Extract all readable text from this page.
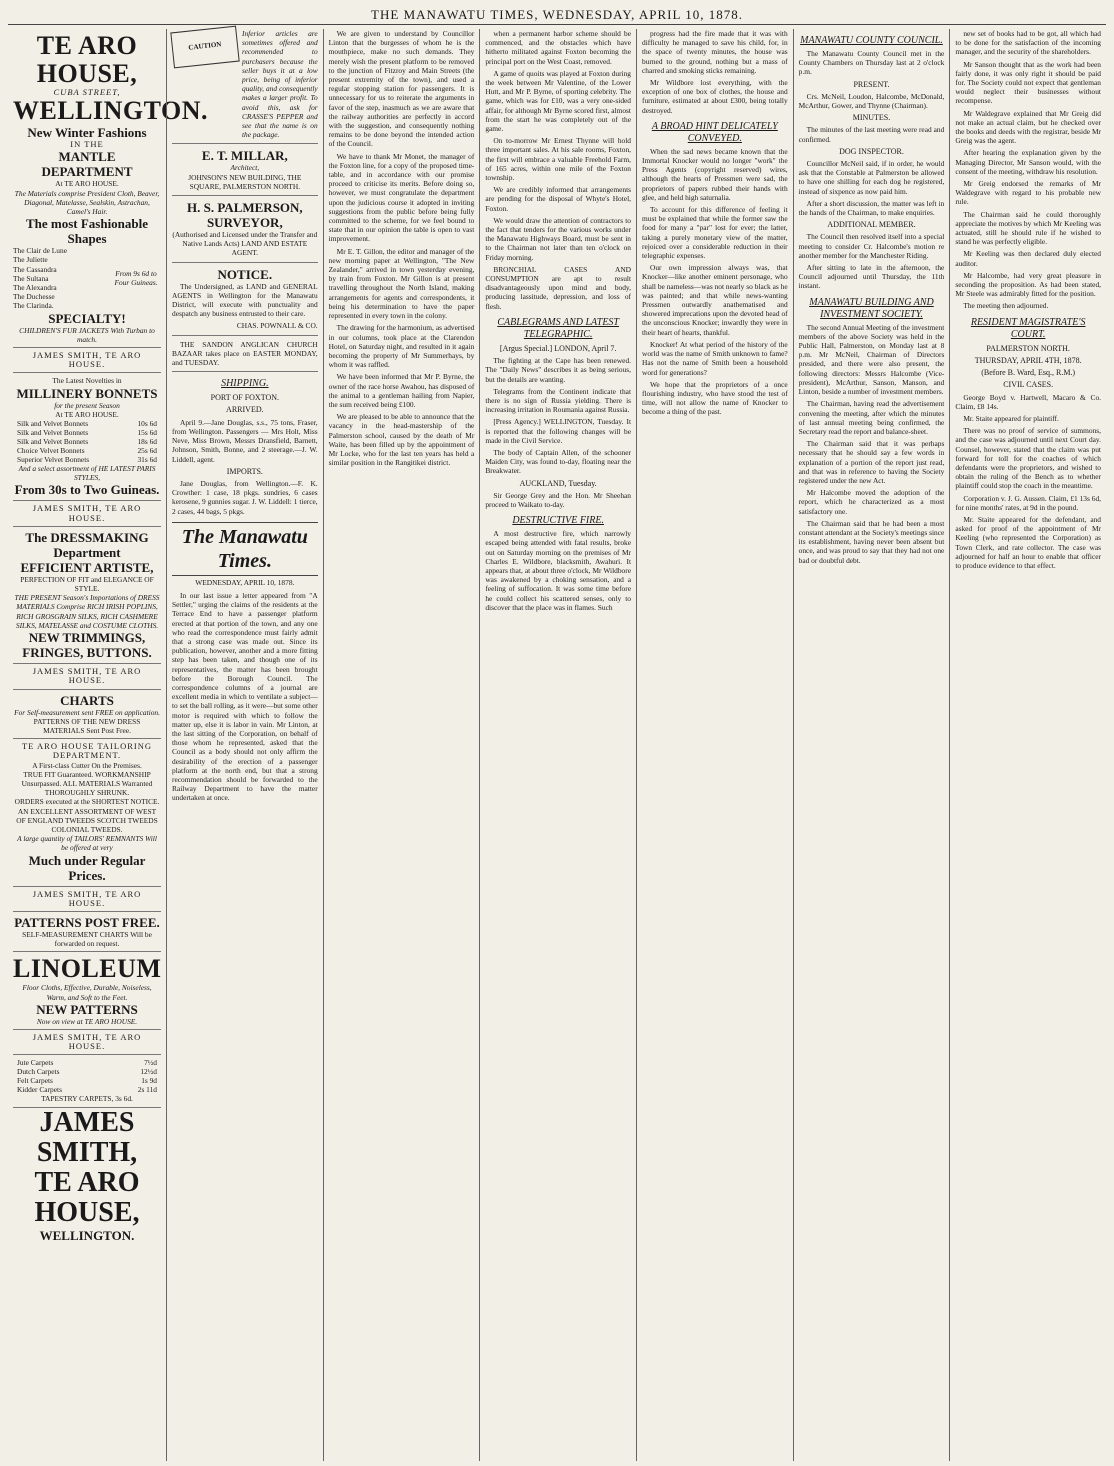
THE MANAWATU TIMES, WEDNESDAY, APRIL 10, 1878.
TE ARO HOUSE,
CUBA STREET,
WELLINGTON.
New Winter Fashions
IN THE
MANTLE DEPARTMENT
At TE ARO HOUSE.
The Materials comprise President Cloth, Beaver, Diagonal, Matelasse, Sealskin, Astrachan, Camel's Hair.
The most Fashionable Shapes
The Clair de Lune
The Juliette
The Cassandra
The Sultana
The Alexandra
The Duchesse
The Clarinda.
From 9s 6d to Four Guineas.
SPECIALTY!
CHILDREN'S FUR JACKETS With Turban to match.
JAMES SMITH, TE ARO HOUSE.
The Latest Novelties in
MILLINERY BONNETS
for the present Season
At TE ARO HOUSE.
Silk and Velvet Bonnets	10s 6d
Silk and Velvet Bonnets	15s 6d
Silk and Velvet Bonnets	18s 6d
Choice Velvet Bonnets	25s 6d
Superior Velvet Bonnets	31s 6d
And a select assortment of HE LATEST PARIS STYLES,
From 30s to Two Guineas.
JAMES SMITH, TE ARO HOUSE.
The DRESSMAKING Department
EFFICIENT ARTISTE,
PERFECTION OF FIT and ELEGANCE OF STYLE.
THE PRESENT Season's Importations of DRESS MATERIALS Comprise RICH IRISH POPLINS, RICH GROSGRAIN SILKS, RICH CASHMERE SILKS, MATELASSE and COSTUME CLOTHS.
NEW TRIMMINGS, FRINGES, BUTTONS.
JAMES SMITH, TE ARO HOUSE.
CHARTS
For Self-measurement sent FREE on application.
PATTERNS OF THE NEW DRESS MATERIALS Sent Post Free.
TE ARO HOUSE TAILORING DEPARTMENT.
A First-class Cutter On the Premises.
TRUE FIT Guaranteed. WORKMANSHIP Unsurpassed. ALL MATERIALS Warranted THOROUGHLY SHRUNK.
ORDERS executed at the SHORTEST NOTICE.
AN EXCELLENT ASSORTMENT OF WEST OF ENGLAND TWEEDS SCOTCH TWEEDS COLONIAL TWEEDS.
A large quantity of TAILORS' REMNANTS Will be offered at very
Much under Regular Prices.
JAMES SMITH, TE ARO HOUSE.
PATTERNS POST FREE.
SELF-MEASUREMENT CHARTS Will be forwarded on request.
LINOLEUM
Floor Cloths, Effective, Durable, Noiseless, Warm, and Soft to the Feet.
NEW PATTERNS
Now on view at TE ARO HOUSE.
JAMES SMITH, TE ARO HOUSE.
Jute Carpets	7½d
Dutch Carpets	12½d
Felt Carpets	1s 9d
Kidder Carpets	2s 11d
TAPESTRY CARPETS, 3s 6d.
JAMES SMITH,
TE ARO HOUSE,
WELLINGTON.
CAUTION
Inferior articles are sometimes offered and recommended to purchasers because the seller buys it at a low price, being of inferior quality, and consequently makes a larger profit. To avoid this, ask for CRASSE'S PEPPER and see that the name is on the package.
E. T. MILLAR,
Architect,
JOHNSON'S NEW BUILDING, THE SQUARE, PALMERSTON NORTH.
H. S. PALMERSON, SURVEYOR,
(Authorised and Licensed under the Transfer and Native Lands Acts) LAND AND ESTATE AGENT.
NOTICE.

The Undersigned, as LAND and GENERAL AGENTS in Wellington for the Manawatu District, will execute with punctuality and despatch any business entrusted to their care.

CHAS. POWNALL & CO.

THE SANDON ANGLICAN CHURCH BAZAAR takes place on EASTER MONDAY, and TUESDAY.

SHIPPING.
PORT OF FOXTON.
ARRIVED.

April 9.—Jane Douglas, s.s., 75 tons, Fraser, from Wellington. Passengers — Mrs Holt, Miss Neve, Miss Brown, Messrs Dransfield, Barnett, Johnson, Smith, Bonne, and 2 steerage.—J. W. Liddell, agent.

IMPORTS.

Jane Douglas, from Wellington.—F. K. Crowther: 1 case, 18 pkgs. sundries, 6 cases kerosene, 9 gunnies sugar. J. W. Liddell: 1 tierce, 2 cases, 44 bags, 5 pkgs.

The Manawatu Times.
WEDNESDAY, APRIL 10, 1878.

In our last issue a letter appeared from "A Settler," urging the claims of the residents at the Terrace End to have a passenger platform erected at that portion of the town, and any one who read the correspondence must fairly admit that a strong case was made out. Since its publication, however, another and a more fitting step has been taken, and though one of its representatives, the matter has been brought before the Borough Council. The correspondence columns of a journal are excellent media in which to ventilate a subject—to set the ball rolling, as it were—but some other motor is required with which to follow the matter up, else it is labor in vain. Mr Linton, at the last sitting of the Corporation, on behalf of those whom he represented, asked that the Council as a body should not only affirm the desirability of the erection of a passenger platform at the north end, but that a strong recommendation should be forwarded to the Railway Department to have the matter undertaken at once.

We are given to understand by Councillor Linton that the burgesses of whom he is the mouthpiece, make no such demands. They merely wish the present platform to be removed to the junction of Fitzroy and Main Streets (the present extremity of the town), and used a regular stopping station for passengers. It is unnecessary for us to reiterate the arguments in favor of the step, inasmuch as we are aware that the railway authorities are perfectly in accord with the suggestion, and consequently nothing remains to be done beyond the intended action of the Council.

We have to thank Mr Monet, the manager of the Foxton line, for a copy of the proposed time-table, and in accordance with our promise proceed to criticise its merits. Before doing so, however, we must congratulate the department upon the judicious course it adopted in inviting suggestions from the public before being fully committed to the scheme, for we feel bound to state that in our opinion the table is open to vast improvement.

Mr E. T. Gillon, the editor and manager of the new morning paper at Wellington, "The New Zealander," arrived in town yesterday evening, by train from Foxton. Mr Gillon is at present travelling throughout the North Island, making arrangements for agents and correspondents, it being his determination to have the paper represented in every town in the colony.

The drawing for the harmonium, as advertised in our columns, took place at the Clarendon Hotel, on Saturday night, and resulted in it again becoming the property of Mr Summerhays, by whom it was raffled.

We have been informed that Mr P. Byrne, the owner of the race horse Awahou, has disposed of the animal to a gentleman hailing from Napier, the sum received being £100.

We are pleased to be able to announce that the vacancy in the head-mastership of the Palmerston school, caused by the death of Mr Waite, has been filled up by the appointment of Mr Locke, who for the last ten years has held a similar position in the Rangitikei district.

when a permanent harbor scheme should be commenced, and the obstacles which have hitherto militated against Foxton becoming the principal port on the West Coast, removed.

A game of quoits was played at Foxton during the week between Mr Valentine, of the Lower Hutt, and Mr P. Byrne, of sporting celebrity. The game, which was for £10, was a very one-sided affair, for although Mr Byrne scored first, almost from the start he was completely out of the game.

On to-morrow Mr Ernest Thynne will hold three important sales. At his sale rooms, Foxton, the first will embrace a valuable Freehold Farm, of 165 acres, within one mile of the Foxton township.

We are credibly informed that arrangements are pending for the disposal of Whyte's Hotel, Foxton.

We would draw the attention of contractors to the fact that tenders for the various works under the Manawatu Highways Board, must be sent in to the Chairman not later than ten o'clock on Friday morning.

BRONCHIAL CASES AND CONSUMPTION are apt to result disadvantageously upon mind and body, producing lassitude, depression, and loss of flesh.

CABLEGRAMS AND LATEST TELEGRAPHIC.
[Argus Special.] LONDON, April 7.

The fighting at the Cape has been renewed. The "Daily News" describes it as being serious, but the details are wanting.

Telegrams from the Continent indicate that there is no sign of Russia yielding. There is increasing irritation in Roumania against Russia.

[Press Agency.] WELLINGTON, Tuesday. It is reported that the following changes will be made in the Civil Service.

The body of Captain Allen, of the schooner Maiden City, was found to-day, floating near the Breakwater.

AUCKLAND, Tuesday.

Sir George Grey and the Hon. Mr Sheehan proceed to Waikato to-day.

DESTRUCTIVE FIRE.

A most destructive fire, which narrowly escaped being attended with fatal results, broke out on Saturday morning on the premises of Mr Charles E. Wildbore, blacksmith, Awahuri. It appears that, at about three o'clock, Mr Wildbore was awakened by a choking sensation, and a feeling of suffocation. It was some time before he could collect his scattered senses, only to discover that the place was in flames. Such

progress had the fire made that it was with difficulty he managed to save his child, for, in the space of twenty minutes, the house was burned to the ground, nothing but a mass of charred and smoking sticks remaining.

Mr Wildbore lost everything, with the exception of one box of clothes, the house and furniture, estimated at about £300, being totally destroyed.

A BROAD HINT DELICATELY CONVEYED.

When the sad news became known that the Immortal Knocker would no longer "work" the Press Agents (copyright reserved) wires, although the hearts of Pressmen were sad, the proprietors of papers rubbed their hands with glee, and held high saturnalia.

To account for this difference of feeling it must be explained that while the former saw the food for many a "par" lost for ever; the latter, taking a purely monetary view of the matter, rejoiced over a considerable reduction in their telegraphic expenses.

Our own impression always was, that Knocker—like another eminent personage, who shall be nameless—was not nearly so black as he was painted; and that while news-wanting Pressmen outwardly anathematised and showered imprecations upon the devoted head of the unconscious Knocker; inwardly they were in their heart of hearts, thankful.

Knocker! At what period of the history of the world was the name of Smith unknown to fame? Has not the name of Smith been a household word for generations?

We hope that the proprietors of a once flourishing industry, who have stood the test of time, will not allow the name of Knocker to become a thing of the past.

MANAWATU COUNTY COUNCIL.

The Manawatu County Council met in the County Chambers on Thursday last at 2 o'clock p.m.

PRESENT.

Crs. McNeil, Loudon, Halcombe, McDonald, McArthur, Gower, and Thynne (Chairman).

MINUTES.

The minutes of the last meeting were read and confirmed.

DOG INSPECTOR.

Councillor McNeil said, if in order, he would ask that the Constable at Palmerston be allowed to have one shilling for each dog he registered, instead of sixpence as now paid him.

After a short discussion, the matter was left in the hands of the Chairman, to make enquiries.

ADDITIONAL MEMBER.

The Council then resolved itself into a special meeting to consider Cr. Halcombe's motion re another member for the Manchester Riding.

After sitting to late in the afternoon, the Council adjourned until Thursday, the 11th instant.

MANAWATU BUILDING AND INVESTMENT SOCIETY.

The second Annual Meeting of the investment members of the above Society was held in the Public Hall, Palmerston, on Monday last at 8 p.m. Mr McNeil, Chairman of Directors presided, and there were also present, the following directors: Messrs Halcombe (Vice-president), McArthur, Sanson, Manson, and Linton, beside a number of investment members.

The Chairman, having read the advertisement convening the meeting, after which the minutes of last annual meeting being confirmed, the Secretary read the report and balance-sheet.

The Chairman said that it was perhaps necessary that he should say a few words in explanation of a portion of the report just read, and that was in reference to having the Society registered under the new Act.

Mr Halcombe moved the adoption of the report, which he characterized as a most satisfactory one.

The Chairman said that he had been a most constant attendant at the Society's meetings since its establishment, having never been absent but once, and was proud to say that they had not one bad or doubtful debt.

new set of books had to be got, all which had to be done for the satisfaction of the incoming manager, and the security of the shareholders.

Mr Sanson thought that as the work had been fairly done, it was only right it should be paid for. The Society could not expect that gentleman would neglect their businesses without recompense.

Mr Waldegrave explained that Mr Greig did not make an actual claim, but he checked over the books and deeds with the registrar, beside Mr Greig was the agent.

After hearing the explanation given by the Managing Director, Mr Sanson would, with the consent of the meeting, withdraw his resolution.

Mr Greig endorsed the remarks of Mr Waldegrave with regard to his probable new rule.

The Chairman said he could thoroughly appreciate the motives by which Mr Keeling was actuated, still he should rule if he wished to stand he was perfectly eligible.

Mr Keeling was then declared duly elected auditor.

Mr Halcombe, had very great pleasure in seconding the proposition. As had been stated, Mr Steele was admirably fitted for the position.

The meeting then adjourned.

RESIDENT MAGISTRATE'S COURT.
PALMERSTON NORTH.
THURSDAY, APRIL 4TH, 1878.
(Before B. Ward, Esq., R.M.)
CIVIL CASES.

George Boyd v. Hartwell, Macaro & Co. Claim, £8 14s.

Mr. Staite appeared for plaintiff.

There was no proof of service of summons, and the case was adjourned until next Court day. Counsel, however, stated that the claim was put forward for toll for the coaches of which defendants were the proprietors, and wished to obtain the ruling of the Bench as to whether plaintiff could stop the coach in the meantime.

Corporation v. J. G. Aussen. Claim, £1 13s 6d, for nine months' rates, at 9d in the pound.

Mr. Staite appeared for the defendant, and asked for proof of the appointment of Mr Keeling (who represented the Corporation) as Town Clerk, and rate collector. The case was adjourned for half an hour to enable that officer to produce evidence to that effect.
